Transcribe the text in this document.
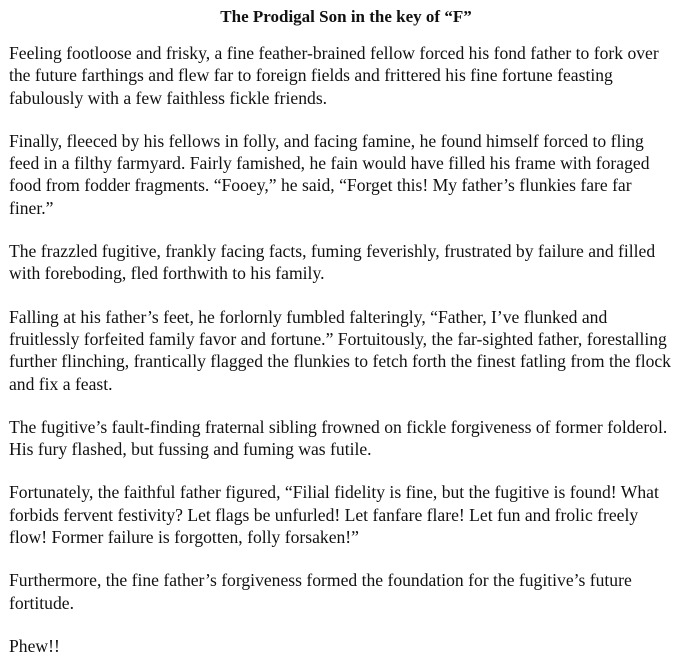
The Prodigal Son in the key of “F”

Feeling footloose and frisky, a fine feather-brained fellow forced his fond father to fork over the future farthings and flew far to foreign fields and frittered his fine fortune feasting fabulously with a few faithless fickle friends.

Finally, fleeced by his fellows in folly, and facing famine, he found himself forced to fling feed in a filthy farmyard. Fairly famished, he fain would have filled his frame with foraged food from fodder fragments. “Fooey,” he said, “Forget this! My father’s flunkies fare far finer.”

The frazzled fugitive, frankly facing facts, fuming feverishly, frustrated by failure and filled with foreboding, fled forthwith to his family.

Falling at his father’s feet, he forlornly fumbled falteringly, “Father, I’ve flunked and fruitlessly forfeited family favor and fortune.” Fortuitously, the far-sighted father, forestalling further flinching, frantically flagged the flunkies to fetch forth the finest fatling from the flock and fix a feast.

The fugitive’s fault-finding fraternal sibling frowned on fickle forgiveness of former folderol. His fury flashed, but fussing and fuming was futile.

Fortunately, the faithful father figured, “Filial fidelity is fine, but the fugitive is found! What forbids fervent festivity? Let flags be unfurled! Let fanfare flare! Let fun and frolic freely flow! Former failure is forgotten, folly forsaken!”

Furthermore, the fine father’s forgiveness formed the foundation for the fugitive’s future fortitude.

Phew!!
